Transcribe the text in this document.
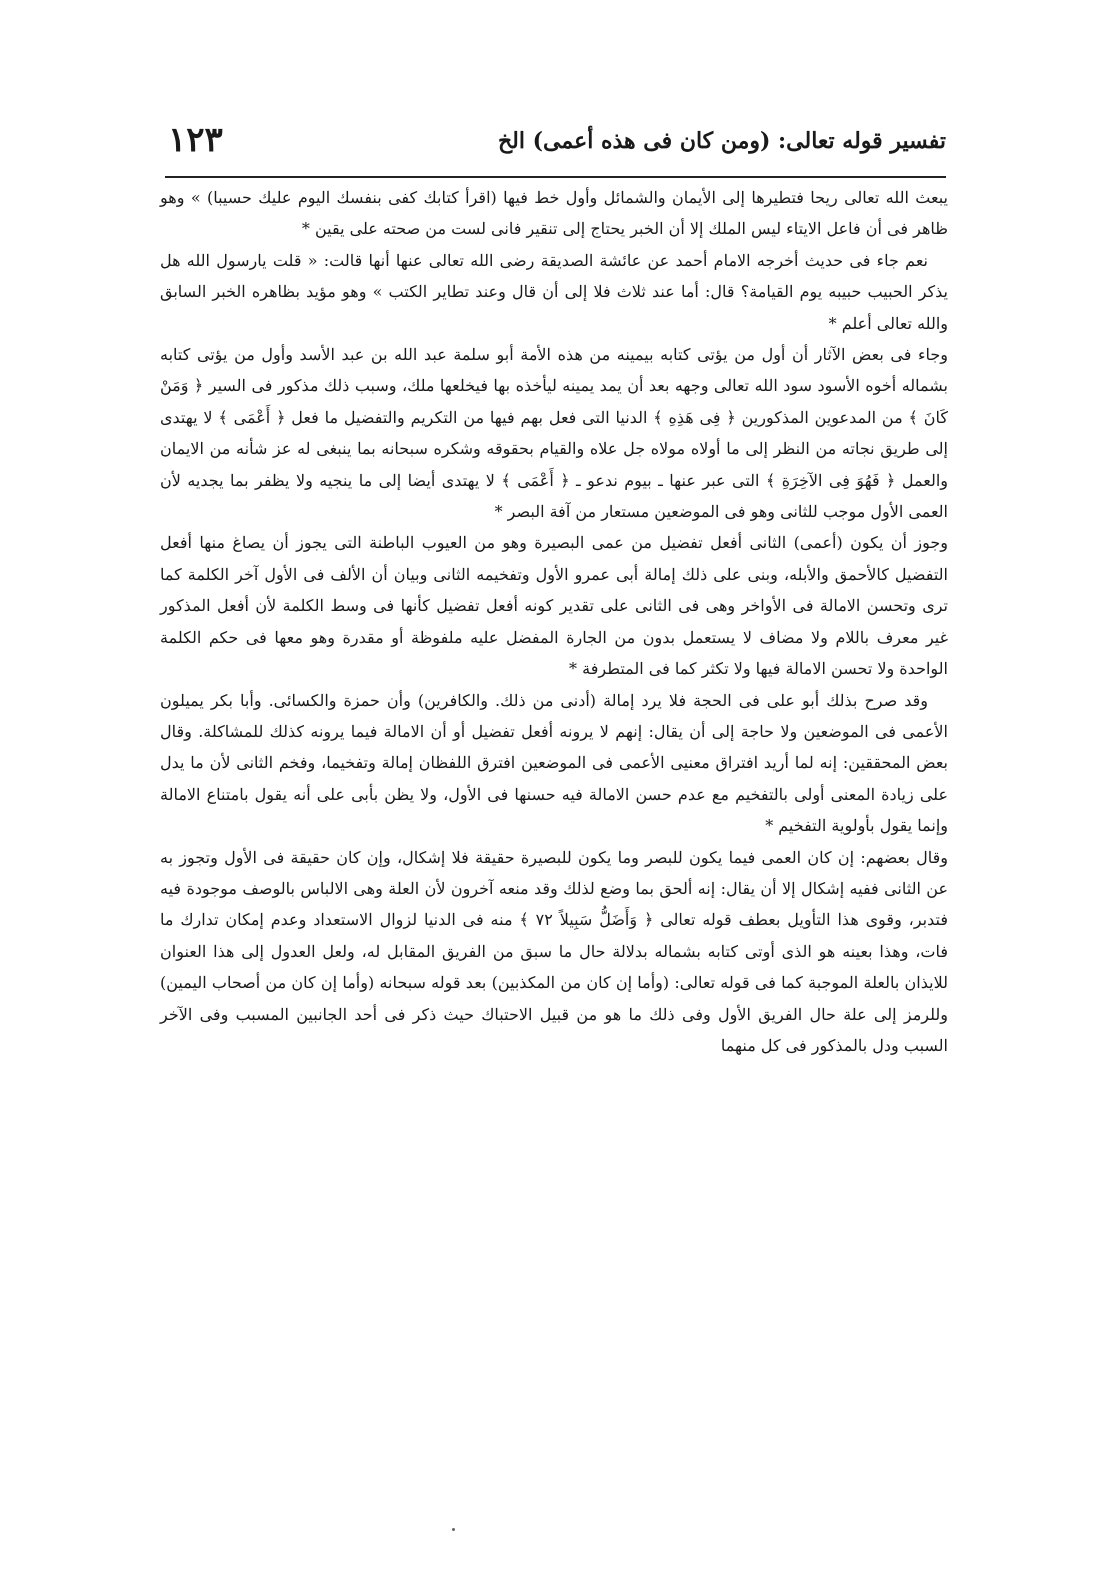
تفسير قوله تعالى: (ومن كان فى هذه أعمى) الخ
١٢٣

يبعث الله تعالى ريحا فتطيرها إلى الأيمان والشمائل وأول خط فيها (اقرأ كتابك كفى بنفسك اليوم عليك حسيبا) » وهو ظاهر فى أن فاعل الايتاء ليس الملك إلا أن الخبر يحتاج إلى تنقير فانى لست من صحته على يقين *

نعم جاء فى حديث أخرجه الامام أحمد عن عائشة الصديقة رضى الله تعالى عنها أنها قالت: « قلت يارسول الله هل يذكر الحبيب حبيبه يوم القيامة؟ قال: أما عند ثلاث فلا إلى أن قال وعند تطاير الكتب » وهو مؤيد بظاهره الخبر السابق والله تعالى أعلم *

وجاء فى بعض الآثار أن أول من يؤتى كتابه بيمينه من هذه الأمة أبو سلمة عبد الله بن عبد الأسد وأول من يؤتى كتابه بشماله أخوه الأسود سود الله تعالى وجهه بعد أن يمد يمينه ليأخذه بها فيخلعها ملك، وسبب ذلك مذكور فى السير ﴿ وَمَنْ كَانَ ﴾ من المدعوين المذكورين ﴿ فِى هَذِهِ ﴾ الدنيا التى فعل بهم فيها من التكريم والتفضيل ما فعل ﴿ أَعْمَى ﴾ لا يهتدى إلى طريق نجاته من النظر إلى ما أولاه مولاه جل علاه والقيام بحقوقه وشكره سبحانه بما ينبغى له عز شأنه من الايمان والعمل ﴿ فَهُوَ فِى الآخِرَةِ ﴾ التى عبر عنها ـ بيوم ندعو ـ ﴿ أَعْمَى ﴾ لا يهتدى أيضا إلى ما ينجيه ولا يظفر بما يجديه لأن العمى الأول موجب للثانى وهو فى الموضعين مستعار من آفة البصر *

وجوز أن يكون (أعمى) الثانى أفعل تفضيل من عمى البصيرة وهو من العيوب الباطنة التى يجوز أن يصاغ منها أفعل التفضيل كالأحمق والأبله، وبنى على ذلك إمالة أبى عمرو الأول وتفخيمه الثانى وبيان أن الألف فى الأول آخر الكلمة كما ترى وتحسن الامالة فى الأواخر وهى فى الثانى على تقدير كونه أفعل تفضيل كأنها فى وسط الكلمة لأن أفعل المذكور غير معرف باللام ولا مضاف لا يستعمل بدون من الجارة المفضل عليه ملفوظة أو مقدرة وهو معها فى حكم الكلمة الواحدة ولا تحسن الامالة فيها ولا تكثر كما فى المتطرفة *

وقد صرح بذلك أبو على فى الحجة فلا يرد إمالة (أدنى من ذلك. والكافرين) وأن حمزة والكسائى. وأبا بكر يميلون الأعمى فى الموضعين ولا حاجة إلى أن يقال: إنهم لا يرونه أفعل تفضيل أو أن الامالة فيما يرونه كذلك للمشاكلة. وقال بعض المحققين: إنه لما أريد افتراق معنيى الأعمى فى الموضعين افترق اللفظان إمالة وتفخيما، وفخم الثانى لأن ما يدل على زيادة المعنى أولى بالتفخيم مع عدم حسن الامالة فيه حسنها فى الأول، ولا يظن بأبى على أنه يقول بامتناع الامالة وإنما يقول بأولوية التفخيم *

وقال بعضهم: إن كان العمى فيما يكون للبصر وما يكون للبصيرة حقيقة فلا إشكال، وإن كان حقيقة فى الأول وتجوز به عن الثانى ففيه إشكال إلا أن يقال: إنه ألحق بما وضع لذلك وقد منعه آخرون لأن العلة وهى الالباس بالوصف موجودة فيه فتدبر، وقوى هذا التأويل بعطف قوله تعالى ﴿ وَأَضَلُّ سَبِيلاً ٧٢ ﴾ منه فى الدنيا لزوال الاستعداد وعدم إمكان تدارك ما فات، وهذا بعينه هو الذى أوتى كتابه بشماله بدلالة حال ما سبق من الفريق المقابل له، ولعل العدول إلى هذا العنوان للايذان بالعلة الموجبة كما فى قوله تعالى: (وأما إن كان من المكذبين) بعد قوله سبحانه (وأما إن كان من أصحاب اليمين) وللرمز إلى علة حال الفريق الأول وفى ذلك ما هو من قبيل الاحتباك حيث ذكر فى أحد الجانبين المسبب وفى الآخر السبب ودل بالمذكور فى كل منهما
